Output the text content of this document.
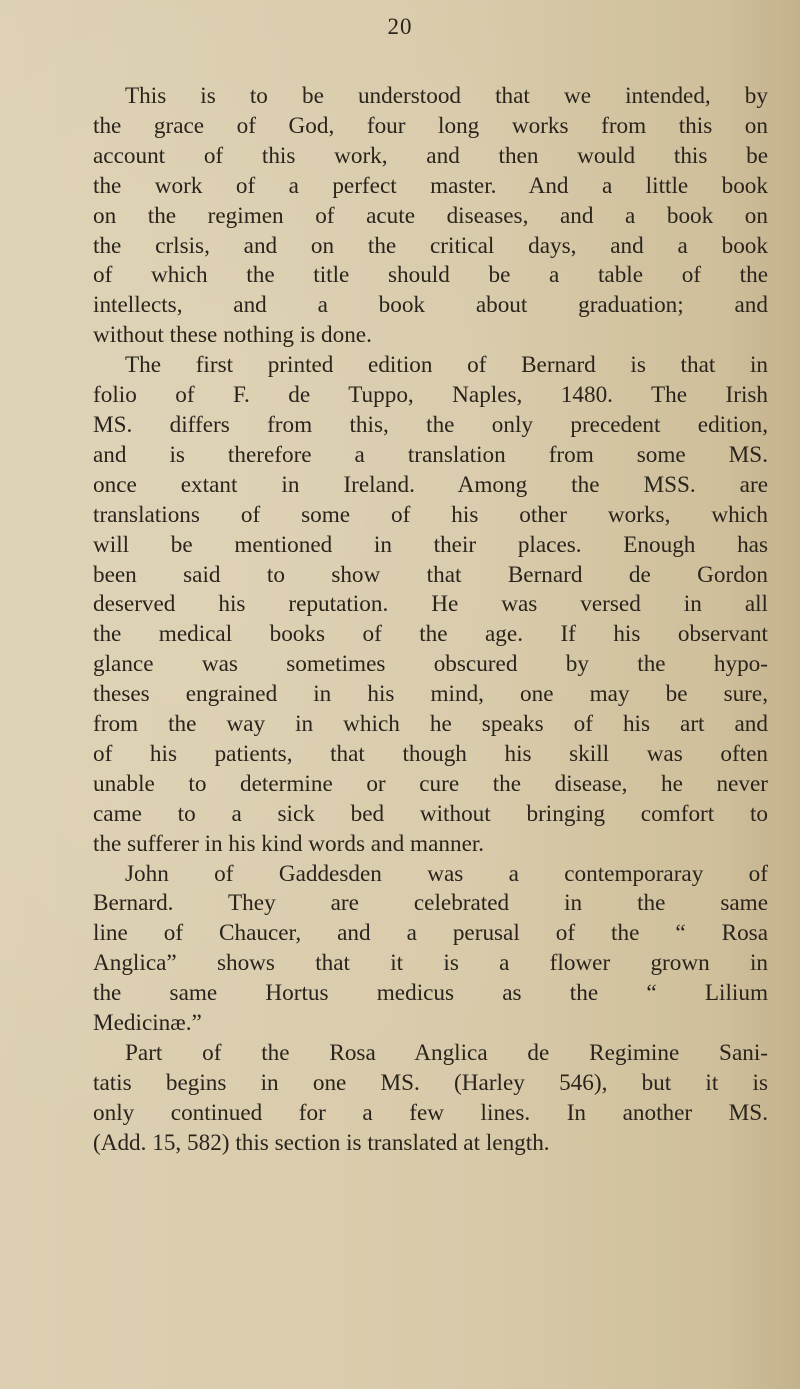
20
This is to be understood that we intended, by
the grace of God, four long works from this on
account of this work, and then would this be
the work of a perfect master. And a little book
on the regimen of acute diseases, and a book on
the crlsis, and on the critical days, and a book
of which the title should be a table of the
intellects, and a book about graduation; and
without these nothing is done.
The first printed edition of Bernard is that in
folio of F. de Tuppo, Naples, 1480. The Irish
MS. differs from this, the only precedent edition,
and is therefore a translation from some MS.
once extant in Ireland. Among the MSS. are
translations of some of his other works, which
will be mentioned in their places. Enough has
been said to show that Bernard de Gordon
deserved his reputation. He was versed in all
the medical books of the age. If his observant
glance was sometimes obscured by the hypo-
theses engrained in his mind, one may be sure,
from the way in which he speaks of his art and
of his patients, that though his skill was often
unable to determine or cure the disease, he never
came to a sick bed without bringing comfort to
the sufferer in his kind words and manner.
John of Gaddesden was a contemporaray of
Bernard. They are celebrated in the same
line of Chaucer, and a perusal of the “ Rosa
Anglica” shows that it is a flower grown in
the same Hortus medicus as the “ Lilium
Medicinæ.”
Part of the Rosa Anglica de Regimine Sani-
tatis begins in one MS. (Harley 546), but it is
only continued for a few lines. In another MS.
(Add. 15, 582) this section is translated at length.
